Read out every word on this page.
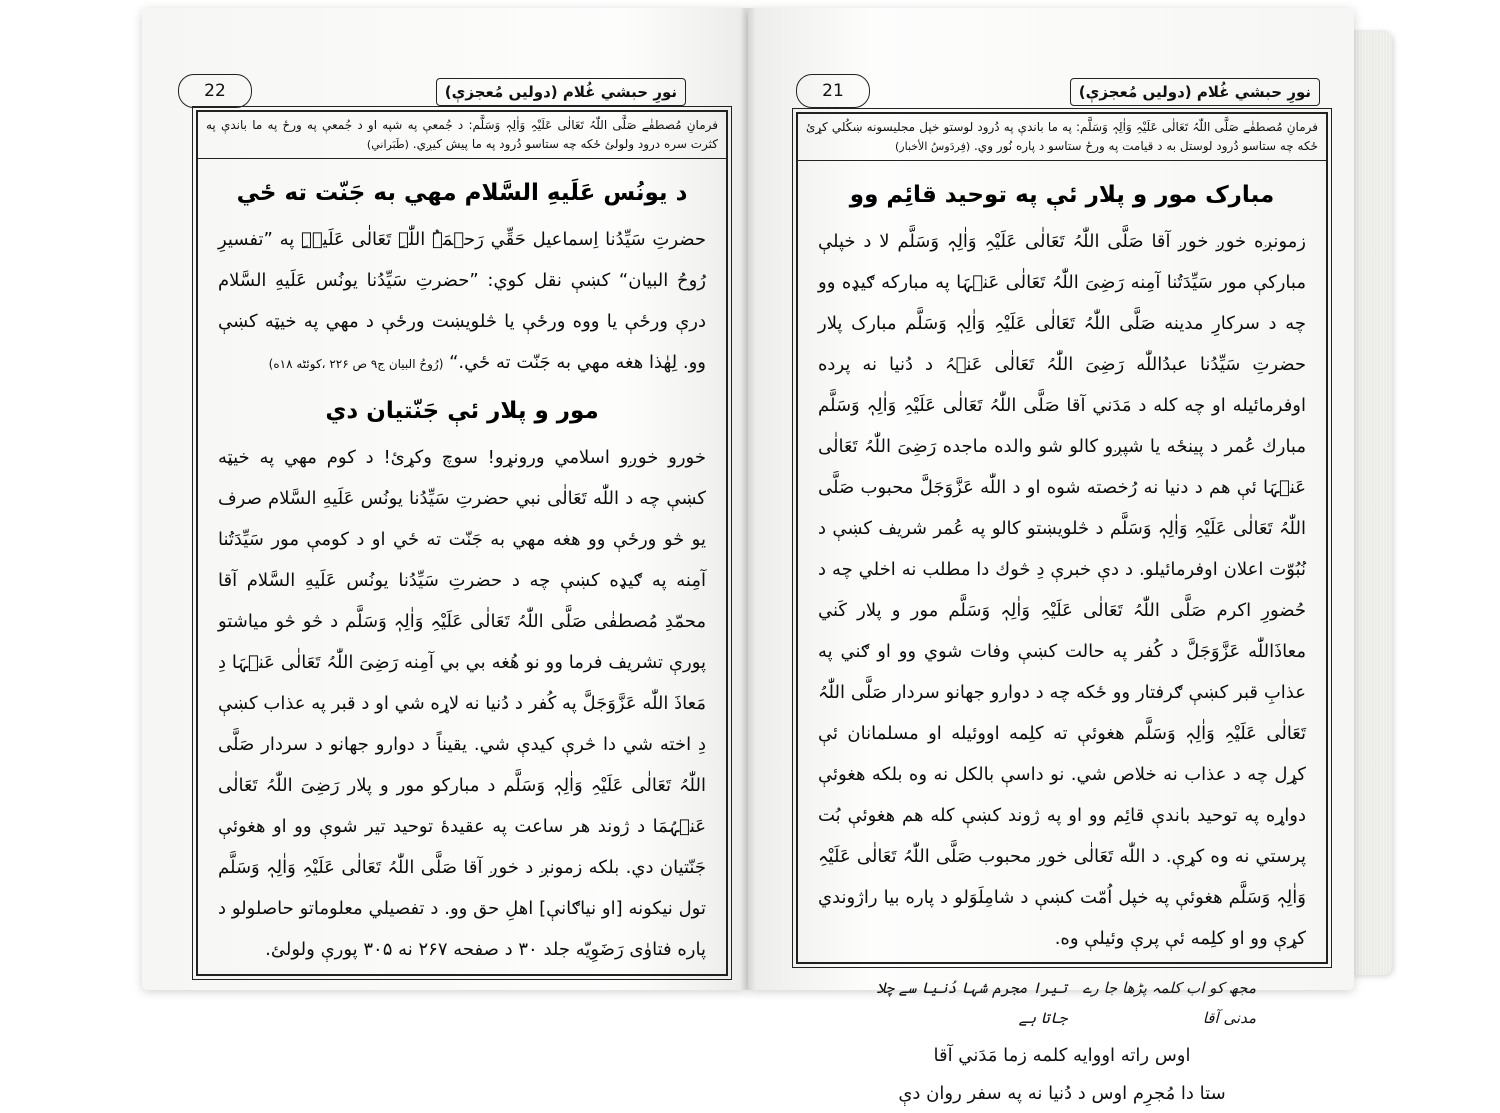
22	نورِ حبشي غُلام (دوليں مُعجزې)
فرمانِ مُصطفٰے صَلَّی اللّٰہُ تَعَالٰی عَلَیْہِ وَاٰلِہٖ وَسَلَّم: د جُمعې په شپه او د جُمعې په ورځ په ما باندې په کثرت سره درود ولولئ ځکه چه ستاسو دُرود په ما پيش کيږي. (طَبَراني)
د يونُس عَلَيهِ السَّلام مهي به جَنّت ته ځي

حضرتِ سَيِّدُنا اِسماعيل حَقِّي رَحۡمَۃُ اللّٰہِ تَعَالٰی عَلَیۡہِ په ”تفسيرِ رُوحُ البيان“ کښې نقل کوي: ”حضرتِ سَيِّدُنا يونُس عَلَيهِ السَّلام درې ورځې يا ووه ورځې يا څلويښت ورځې د مهي په خيټه کښې وو. لِهٰذا هغه مهي به جَنّت ته ځي.“ (رُوحُ البيان ج۹ ص ۲۲۶ ،کوئٹه ۱۸ه)

مور و پلار ئې جَنّتيان دي

خورو خوږو اسلامي ورونړو! سوچ وکړئ! د کوم مهي په خيټه کښې چه د اللّٰه تَعَالٰی نبي حضرتِ سَيِّدُنا يونُس عَلَيهِ السَّلام صرف يو څو ورځې وو هغه مهي به جَنّت ته ځي او د کومې مور سَيِّدَتُنا آمِنه په ګيډه کښې چه د حضرتِ سَيِّدُنا يونُس عَلَيهِ السَّلام آقا محمّدِ مُصطفٰی صَلَّی اللّٰہُ تَعَالٰی عَلَیْہِ وَاٰلِہٖ وَسَلَّم د څو څو مياشتو پورې تشريف فرما وو نو هُغه بي بي آمِنه رَضِیَ اللّٰہُ تَعَالٰی عَنۡہَا دِ مَعاذَ اللّٰه عَزَّوَجَلَّ په کُفر د دُنيا نه لاړه شي او د قبر په عذاب کښې دِ اخته شي دا څرې کيدې شي. يقيناً د دوارو جهانو د سردار صَلَّی اللّٰہُ تَعَالٰی عَلَیْہِ وَاٰلِہٖ وَسَلَّم د مبارکو مور و پلار رَضِیَ اللّٰہُ تَعَالٰی عَنۡہُمَا د ژوند هر ساعت په عقيدهٔ توحيد تير شوې وو او هغوئې جَنّتيان دي. بلکه زمونږ د خوږ آقا صَلَّی اللّٰہُ تَعَالٰی عَلَیْہِ وَاٰلِہٖ وَسَلَّم تول نيکونه [او نياګانې] اهلِ حق وو. د تفصيلي معلوماتو حاصلولو د پاره فتاوٰی رَضَوِيّه جلد ۳۰ د صفحه ۲۶۷ نه ۳۰۵ پورې ولولئ.

21	نورِ حبشي غُلام (دوليں مُعجزې)
فرمانِ مُصطفٰے صَلَّی اللّٰہُ تَعَالٰی عَلَیْہِ وَاٰلِہٖ وَسَلَّم: په ما باندې په دُرود لوستو خپل مجليسونه ښکُلي کړئ ځکه چه ستاسو دُرود لوستل به د قيامت په ورځ ستاسو د پاره نُور وي. (فِردَوسُ الأخبار)
مبارک مور و پلار ئې په توحيد قائِم وو

زمونږه خوږ خوږ آقا صَلَّی اللّٰہُ تَعَالٰی عَلَیْہِ وَاٰلِہٖ وَسَلَّم لا د خپلې مبارکې مور سَيِّدَتُنا آمِنه رَضِیَ اللّٰہُ تَعَالٰی عَنۡہَا په مبارکه ګيډه وو چه د سرکارِ مدينه صَلَّی اللّٰہُ تَعَالٰی عَلَیْہِ وَاٰلِہٖ وَسَلَّم مبارک پلار حضرتِ سَيِّدُنا عبدُاللّٰه رَضِیَ اللّٰہُ تَعَالٰی عَنۡہُ د دُنيا نه پرده اوفرمائيله او چه کله د مَدَني آقا صَلَّی اللّٰہُ تَعَالٰی عَلَیْہِ وَاٰلِہٖ وَسَلَّم مبارك عُمر د پينځه يا شپږو کالو شو والده ماجده رَضِیَ اللّٰہُ تَعَالٰی عَنۡہَا ئې هم د دنيا نه رُخصته شوه او د اللّٰه عَزَّوَجَلَّ محبوب صَلَّی اللّٰہُ تَعَالٰی عَلَیْہِ وَاٰلِہٖ وَسَلَّم د څلويښتو کالو په عُمر شريف کښې د نُبُوّت اعلان اوفرمائيلو. د دې خبرې دِ څوك دا مطلب نه اخلي چه د حُضورِ اکرم صَلَّی اللّٰہُ تَعَالٰی عَلَیْہِ وَاٰلِہٖ وَسَلَّم مور و پلار کَني معاذَاللّٰه عَزَّوَجَلَّ د کُفر په حالت کښې وفات شوي وو او ګني په عذابِ قبر کښې ګرفتار وو ځکه چه د دوارو جهانو سردار صَلَّی اللّٰہُ تَعَالٰی عَلَیْہِ وَاٰلِہٖ وَسَلَّم هغوئې ته کلِمه اووئيله او مسلمانان ئې کړل چه د عذاب نه خلاص شي. نو داسې بالکل نه وه بلکه هغوئې دواړه په توحيد باندې قائِم وو او په ژوند کښې کله هم هغوئې بُت پرستي نه وه کړې. د اللّٰه تَعَالٰی خوږ محبوب صَلَّی اللّٰہُ تَعَالٰی عَلَیْہِ وَاٰلِہٖ وَسَلَّم هغوئې په خپل اُمّت کښې د شامِلَوَلو د پاره بيا راژوندي کړې وو او کلِمه ئې پرې وئيلې وه.

مجھ کو اب کلمہ پڑھا جا رے مدنی آقا
تیرا مجرم شہا دُنیا سے چلا جاتا ہے
اوس راته اووايه کلمه زما مَدَني آقا
ستا دا مُجرِم اوس د دُنيا نه په سفر روان دې
